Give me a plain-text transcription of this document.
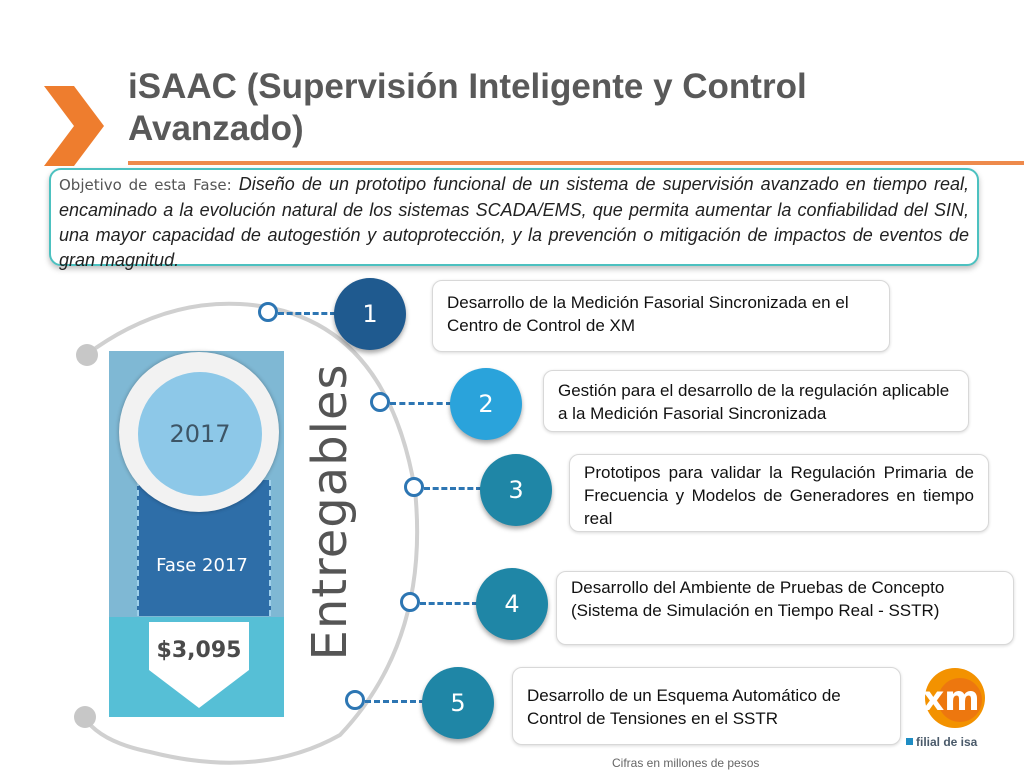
iSAAC (Supervisión Inteligente y Control Avanzado)
Objetivo de esta Fase: Diseño de un prototipo funcional de un sistema de supervisión avanzado en tiempo real, encaminado a la evolución natural de los sistemas SCADA/EMS, que permita aumentar la confiabilidad del SIN, una mayor capacidad de autogestión y autoprotección, y la prevención o mitigación de impactos de eventos de gran magnitud.
2017
Fase 2017
$3,095 Entregables
1	Desarrollo de la Medición Fasorial Sincronizada en el Centro de Control de XM
2	Gestión para el desarrollo de la regulación aplicable a la Medición Fasorial Sincronizada
3
Prototipos para validar la Regulación Primaria de Frecuencia y Modelos de Generadores en tiempo real
4
Desarrollo del Ambiente de Pruebas de Concepto (Sistema de Simulación en Tiempo Real - SSTR)
5	Desarrollo de un Esquema Automático de Control de Tensiones en el SSTR	xm
filial de isa
Cifras en millones de pesos
